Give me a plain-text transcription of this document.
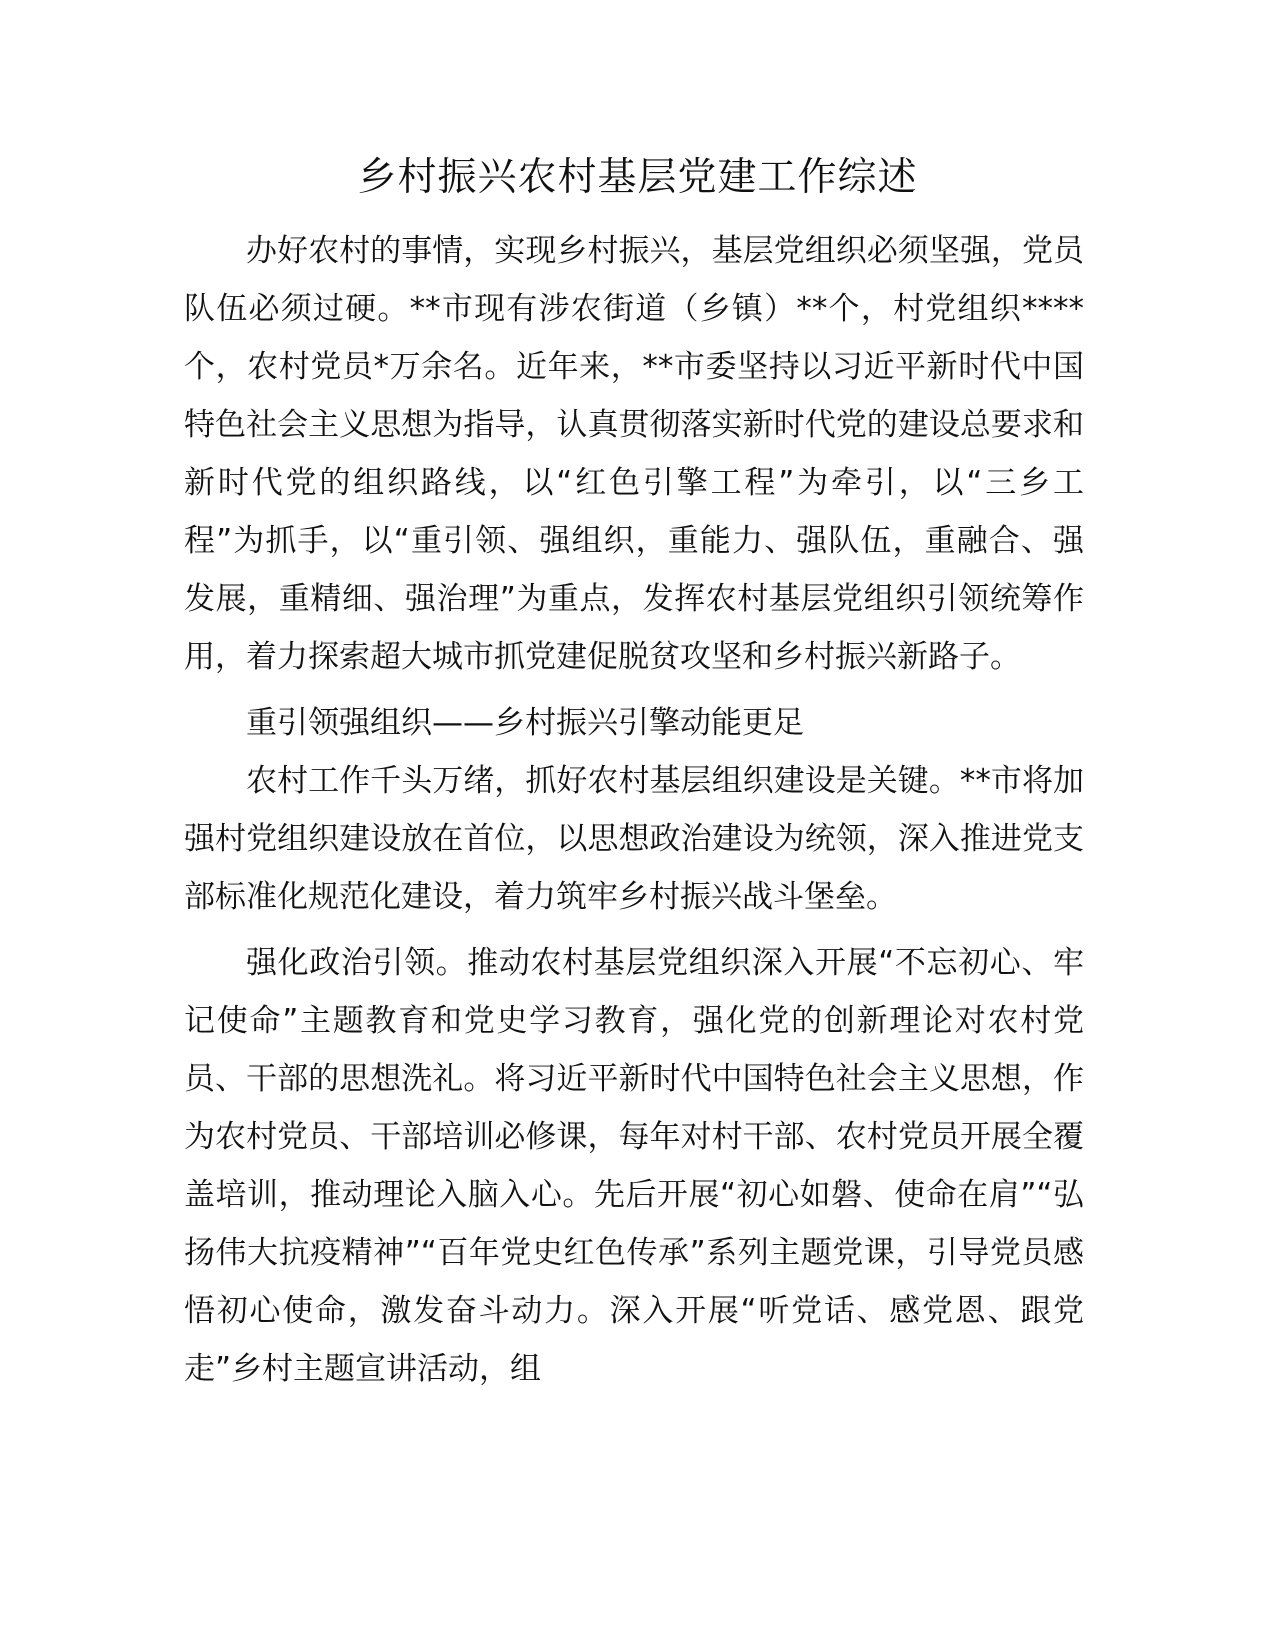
乡村振兴农村基层党建工作综述

办好农村的事情，实现乡村振兴，基层党组织必须坚强，党员队伍必须过硬。**市现有涉农街道（乡镇）**个，村党组织****个，农村党员*万余名。近年来，**市委坚持以习近平新时代中国特色社会主义思想为指导，认真贯彻落实新时代党的建设总要求和新时代党的组织路线，以“红色引擎工程”为牵引，以“三乡工程”为抓手，以“重引领、强组织，重能力、强队伍，重融合、强发展，重精细、强治理”为重点，发挥农村基层党组织引领统筹作用，着力探索超大城市抓党建促脱贫攻坚和乡村振兴新路子。

重引领强组织——乡村振兴引擎动能更足

农村工作千头万绪，抓好农村基层组织建设是关键。**市将加强村党组织建设放在首位，以思想政治建设为统领，深入推进党支部标准化规范化建设，着力筑牢乡村振兴战斗堡垒。

强化政治引领。推动农村基层党组织深入开展“不忘初心、牢记使命”主题教育和党史学习教育，强化党的创新理论对农村党员、干部的思想洗礼。将习近平新时代中国特色社会主义思想，作为农村党员、干部培训必修课，每年对村干部、农村党员开展全覆盖培训，推动理论入脑入心。先后开展“初心如磐、使命在肩”“弘扬伟大抗疫精神”“百年党史红色传承”系列主题党课，引导党员感悟初心使命，激发奋斗动力。深入开展“听党话、感党恩、跟党走”乡村主题宣讲活动，组
